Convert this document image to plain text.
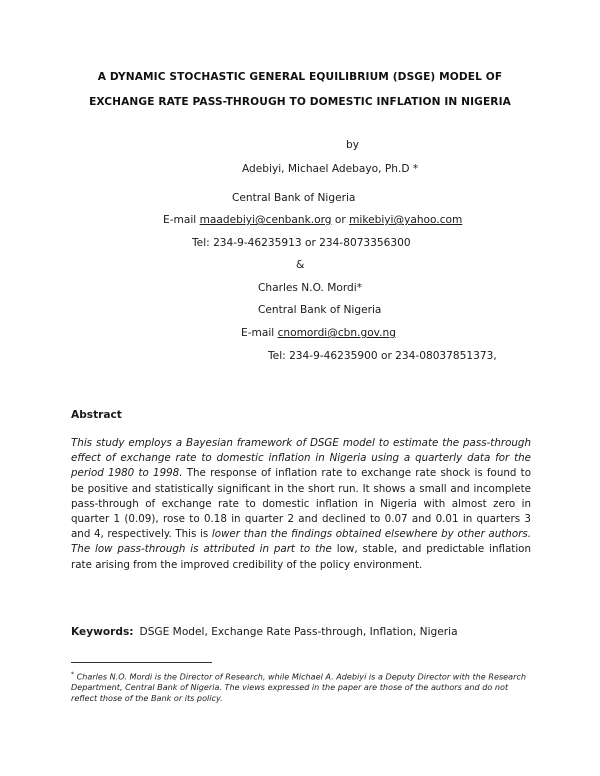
A DYNAMIC STOCHASTIC GENERAL EQUILIBRIUM (DSGE) MODEL OF
EXCHANGE RATE PASS-THROUGH TO DOMESTIC INFLATION IN NIGERIA
by
Adebiyi, Michael Adebayo, Ph.D *
Central Bank of Nigeria
E-mail maadebiyi@cenbank.org or mikebiyi@yahoo.com
Tel: 234-9-46235913 or 234-8073356300
&
Charles N.O. Mordi*
Central Bank of Nigeria
E-mail cnomordi@cbn.gov.ng
Tel: 234-9-46235900 or 234-08037851373,
Abstract
This study employs a Bayesian framework of DSGE model to estimate the pass-through effect of exchange rate to domestic inflation in Nigeria using a quarterly data for the period 1980 to 1998. The response of inflation rate to exchange rate shock is found to be positive and statistically significant in the short run. It shows a small and incomplete pass-through of exchange rate to domestic inflation in Nigeria with almost zero in quarter 1 (0.09), rose to 0.18 in quarter 2 and declined to 0.07 and 0.01 in quarters 3 and 4, respectively. This is lower than the findings obtained elsewhere by other authors. The low pass-through is attributed in part to the low, stable, and predictable inflation rate arising from the improved credibility of the policy environment.
Keywords: DSGE Model, Exchange Rate Pass-through, Inflation, Nigeria
* Charles N.O. Mordi is the Director of Research, while Michael A. Adebiyi is a Deputy Director with the Research Department, Central Bank of Nigeria. The views expressed in the paper are those of the authors and do not reflect those of the Bank or its policy.
